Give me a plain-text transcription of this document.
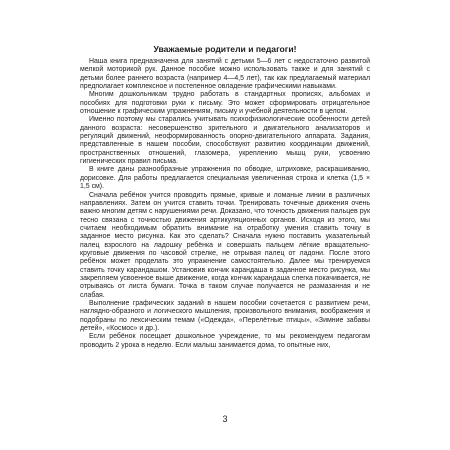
Уважаемые родители и педагоги!

Наша книга предназначена для занятий с детьми 5—6 лет с недостаточно развитой мелкой моторикой рук. Данное пособие можно использовать также и для занятий с детьми более раннего возраста (например 4—4,5 лет), так как предлагаемый материал предполагает комплексное и постепенное овладение графическими навыками.

Многим дошкольникам трудно работать в стандартных прописях, альбомах и пособиях для подготовки руки к письму. Это может сформировать отрицательное отношение к графическим упражнениям, письму и учебной деятельности в целом.

Именно поэтому мы старались учитывать психофизиологические особенности детей данного возраста: несовершенство зрительного и двигательного анализаторов и регуляций движений, неоформированность опорно-двигательного аппарата. Задания, представленные в нашем пособии, способствуют развитию координации движений, пространственных отношений, глазомера, укреплению мышц руки, усвоению гигиенических правил письма.

В книге даны разнообразные упражнения по обводке, штриховке, раскрашиванию, дорисовке. Для работы предлагается специальная увеличенная строка и клетка (1,5 × 1,5 см).

Сначала ребёнок учится проводить прямые, кривые и ломаные линии в различных направлениях. Затем он учится ставить точки. Тренировать точечные движения очень важно многим детям с нарушениями речи. Доказано, что точность движения пальцев рук тесно связана с точностью движения артикуляционных органов. Исходя из этого, мы считаем необходимым обратить внимание на отработку умения ставить точку в заданное место рисунка. Как это сделать? Сначала нужно поставить указательный палец взрослого на ладошку ребёнка и совершать пальцем лёгкие вращательно-круговые движения по часовой стрелке, не отрывая палец от ладони. После этого ребёнок может проделать это упражнение самостоятельно. Далее мы тренируемся ставить точку карандашом. Установив кончик карандаша в заданное место рисунка, мы закрепляем усвоенное выше движение, когда кончик карандаша слегка покачивается, не отрываясь от листа бумаги. Точка в таком случае получается не размазанная и не слабая.

Выполнение графических заданий в нашем пособии сочетается с развитием речи, наглядно-образного и логического мышления, произвольного внимания, воображения и подобраны по лексическим темам («Одежда», «Перелётные птицы», «Зимние забавы детей», «Космос» и др.).

Если ребёнок посещает дошкольное учреждение, то мы рекомендуем педагогам проводить 2 урока в неделю. Если малыш занимается дома, то опытные них,

3
